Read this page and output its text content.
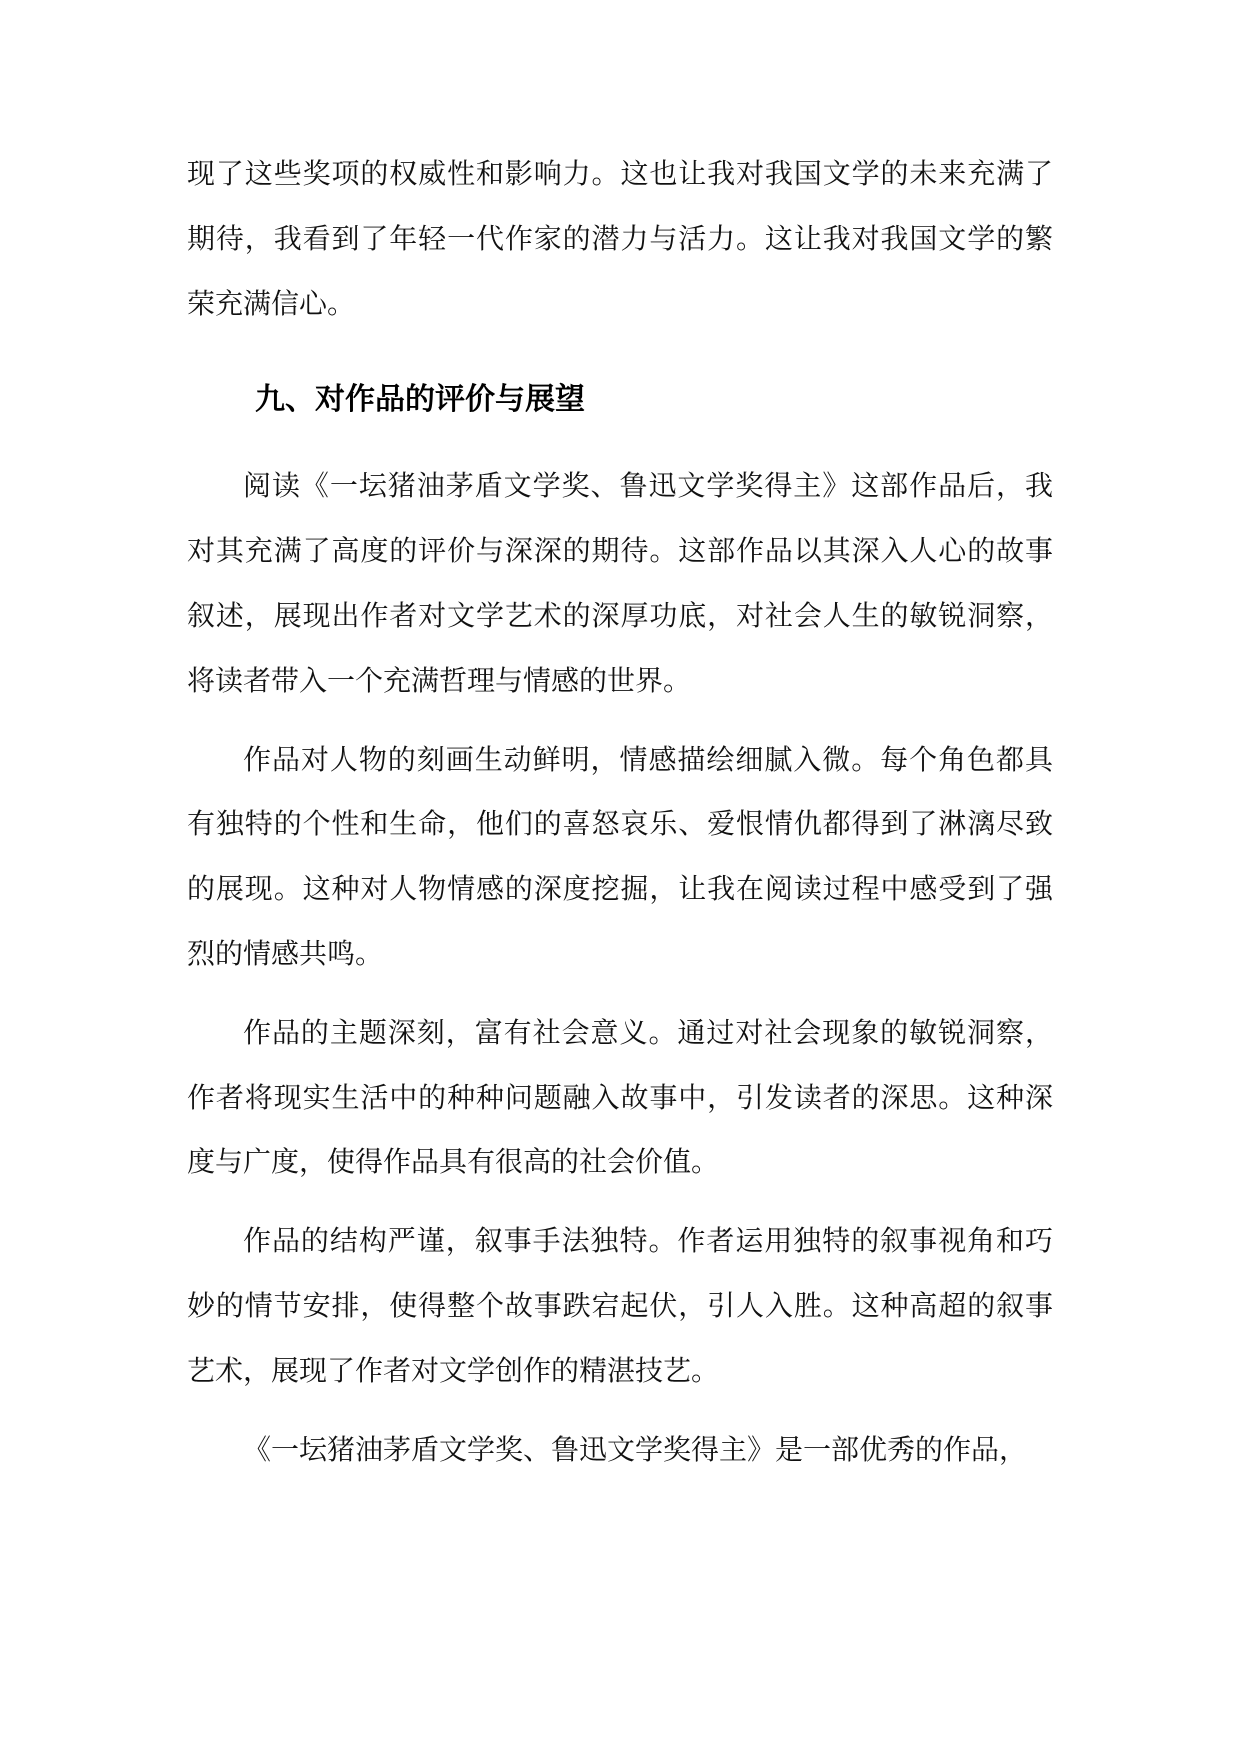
现了这些奖项的权威性和影响力。这也让我对我国文学的未来充满了期待，我看到了年轻一代作家的潜力与活力。这让我对我国文学的繁荣充满信心。

九、对作品的评价与展望

阅读《一坛猪油茅盾文学奖、鲁迅文学奖得主》这部作品后，我对其充满了高度的评价与深深的期待。这部作品以其深入人心的故事叙述，展现出作者对文学艺术的深厚功底，对社会人生的敏锐洞察，将读者带入一个充满哲理与情感的世界。

作品对人物的刻画生动鲜明，情感描绘细腻入微。每个角色都具有独特的个性和生命，他们的喜怒哀乐、爱恨情仇都得到了淋漓尽致的展现。这种对人物情感的深度挖掘，让我在阅读过程中感受到了强烈的情感共鸣。

作品的主题深刻，富有社会意义。通过对社会现象的敏锐洞察，作者将现实生活中的种种问题融入故事中，引发读者的深思。这种深度与广度，使得作品具有很高的社会价值。

作品的结构严谨，叙事手法独特。作者运用独特的叙事视角和巧妙的情节安排，使得整个故事跌宕起伏，引人入胜。这种高超的叙事艺术，展现了作者对文学创作的精湛技艺。

《一坛猪油茅盾文学奖、鲁迅文学奖得主》是一部优秀的作品，
